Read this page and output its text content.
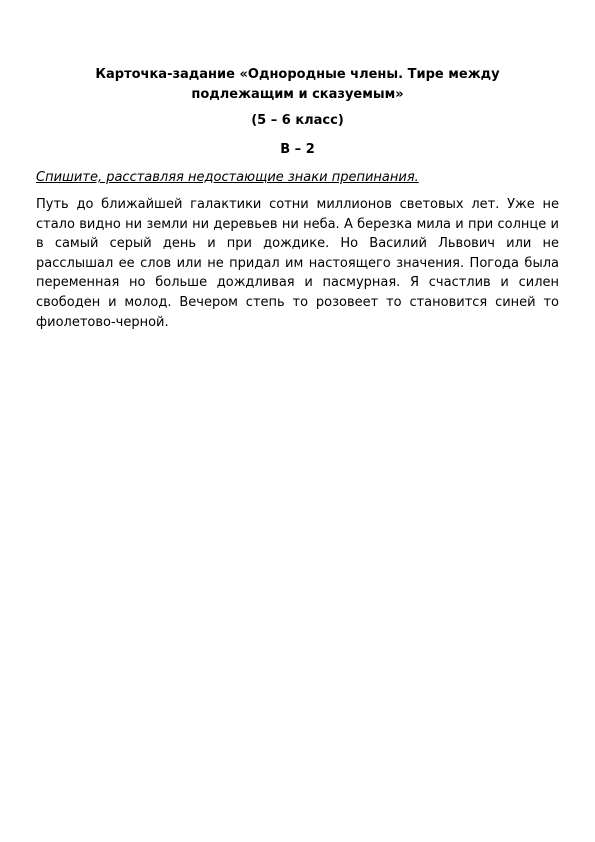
Карточка-задание «Однородные члены. Тире между подлежащим и сказуемым»
(5 – 6 класс)
В – 2
Спишите, расставляя недостающие знаки препинания.

Путь до ближайшей галактики сотни миллионов световых лет. Уже не стало видно ни земли ни деревьев ни неба. А березка мила и при солнце и в самый серый день и при дождике. Но Василий Львович или не расслышал ее слов или не придал им настоящего значения. Погода была переменная но больше дождливая и пасмурная. Я счастлив и силен свободен и молод. Вечером степь то розовеет то становится синей то фиолетово-черной.
